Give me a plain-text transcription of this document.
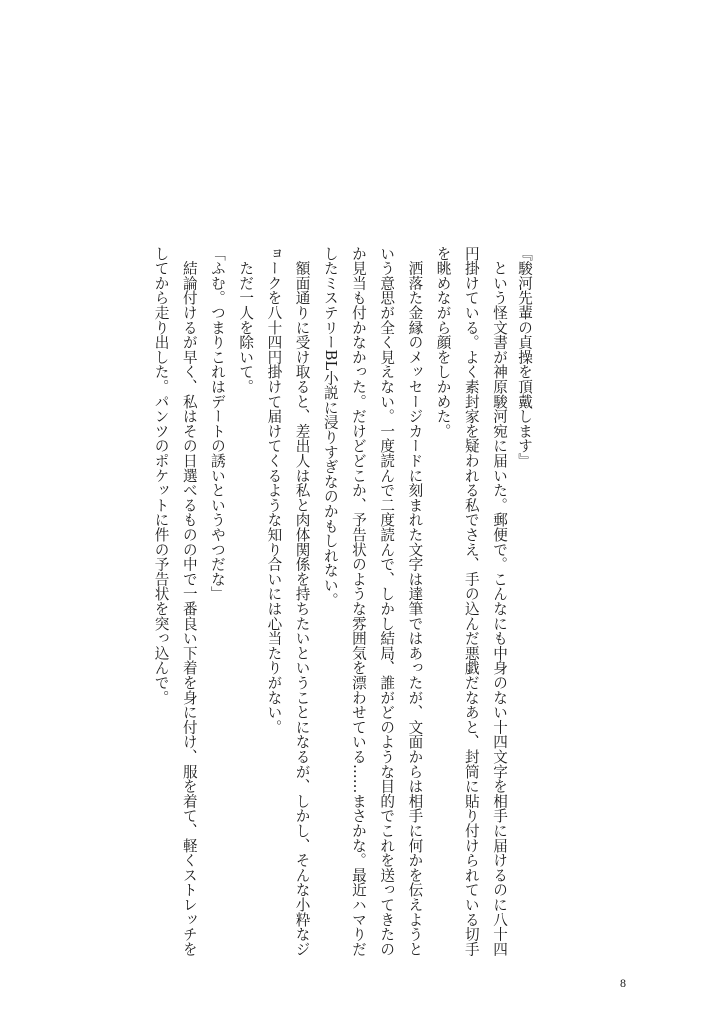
『駿河先輩の貞操を頂戴します』

　という怪文書が神原駿河宛に届いた。郵便で。こんなにも中身のない十四文字を相手に届けるのに八十四円掛けている。よく素封家を疑われる私でさえ、手の込んだ悪戯だなあと、封筒に貼り付けられている切手を眺めながら顔をしかめた。

　洒落た金縁のメッセージカードに刻まれた文字は達筆ではあったが、文面からは相手に何かを伝えようという意思が全く見えない。一度読んで二度読んで、しかし結局、誰がどのような目的でこれを送ってきたのか見当も付かなかった。だけどどこか、予告状のような雰囲気を漂わせている……まさかな。最近ハマりだしたミステリーBL小説に浸りすぎなのかもしれない。

　額面通りに受け取ると、差出人は私と肉体関係を持ちたいということになるが、しかし、そんな小粋なジョークを八十四円掛けて届けてくるような知り合いには心当たりがない。

　ただ一人を除いて。

「ふむ。つまりこれはデートの誘いというやつだな」

　結論付けるが早く、私はその日選べるものの中で一番良い下着を身に付け、服を着て、軽くストレッチをしてから走り出した。パンツのポケットに件の予告状を突っ込んで。

8
